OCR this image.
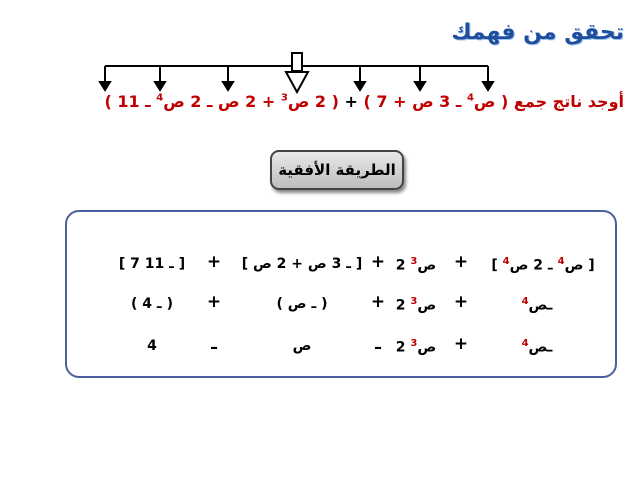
تحقق من فهمك
أوجد ناتج جمع ( ص$^4$ ـ 3 ص + 7 ) + ( 2 ص$^3$ + 2 ص ـ 2 ص$^4$ ـ 11 )
الطريقة الأفقية
[ ص$^4$ ـ 2 ص$^4$ ]
+
ص$^3$ 2
+
[ ـ 3 ص + 2 ص ]
+
[ ـ 11 7 ]
ـص$^4$
+
ص$^3$ 2
+
( ـ ص )
+
( ـ 4 )
ـص$^4$
+
ص$^3$ 2
ـ
ص
ـ
4
